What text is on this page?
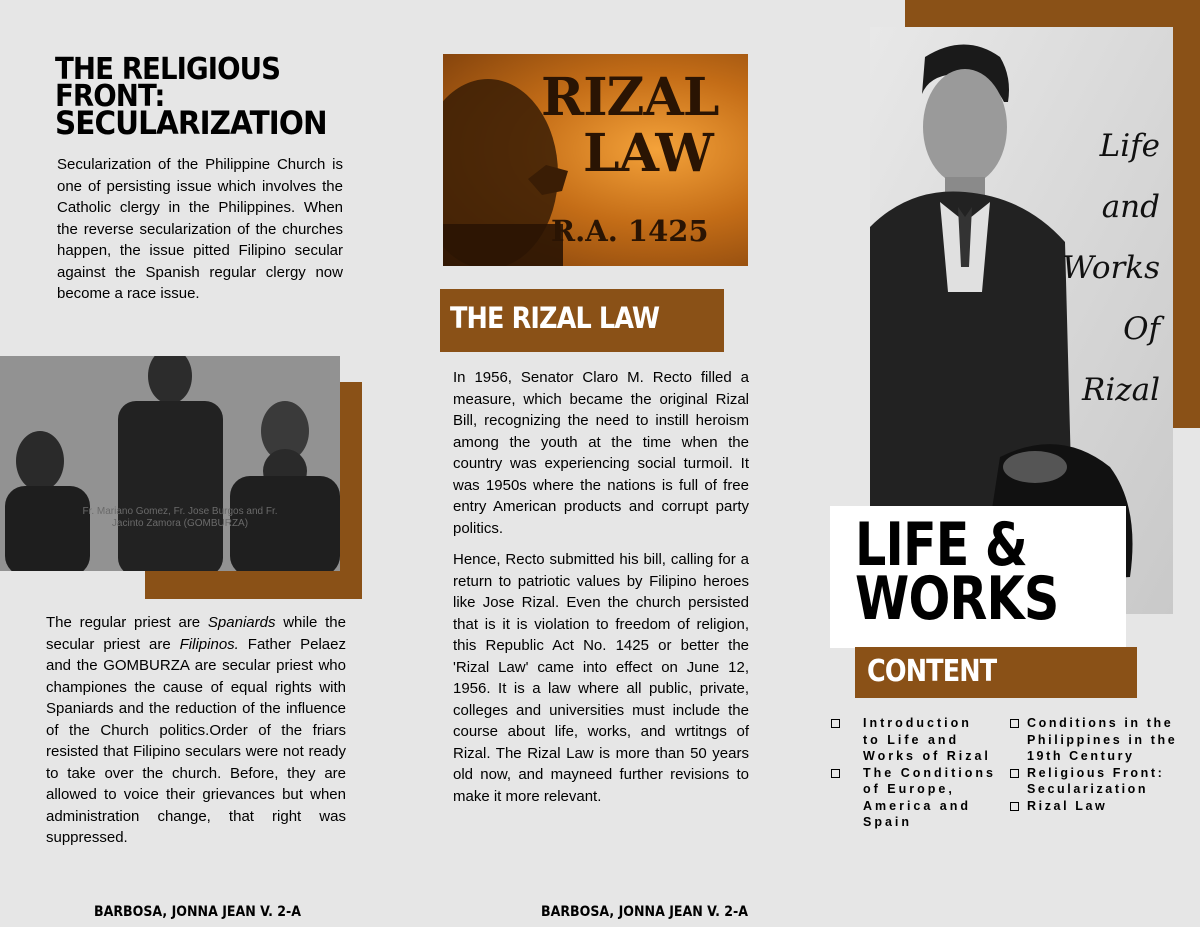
THE RELIGIOUS
FRONT:
SECULARIZATION
Secularization of the Philippine Church is one of persisting issue which involves the Catholic clergy in the Philippines. When the reverse secularization of the churches happen, the issue pitted Filipino secular against the Spanish regular clergy now become a race issue.
Fr. Mariano Gomez, Fr. Jose Burgos and Fr. Jacinto Zamora (GOMBURZA)
The regular priest are Spaniards while the secular priest are Filipinos. Father Pelaez and the GOMBURZA are secular priest who championes the cause of equal rights with Spaniards and the reduction of the influence of the Church politics.Order of the friars resisted that Filipino seculars were not ready to take over the church. Before, they are allowed to voice their grievances but when administration change, that right was suppressed.
BARBOSA, JONNA JEAN V. 2-A
RIZAL
LAW
R.A. 1425
THE RIZAL LAW

In 1956, Senator Claro M. Recto filled a measure, which became the original Rizal Bill, recognizing the need to instill heroism among the youth at the time when the country was experiencing social turmoil. It was 1950s where the nations is full of free entry American products and corrupt party politics.

Hence, Recto submitted his bill, calling for a return to patriotic values by Filipino heroes like Jose Rizal. Even the church persisted that is it is violation to freedom of religion, this Republic Act No. 1425 or better the 'Rizal Law' came into effect on June 12, 1956. It is a law where all public, private, colleges and universities must include the course about life, works, and wrtitngs of Rizal. The Rizal Law is more than 50 years old now, and mayneed further revisions to make it more relevant.

BARBOSA, JONNA JEAN V. 2-A
Life
and
Works
Of
Rizal
LIFE &
WORKS
CONTENT
Introduction to Life and Works of Rizal
The Conditions of Europe, America and Spain
Conditions in the Philippines in the 19th Century
Religious Front: Secularization
Rizal Law
